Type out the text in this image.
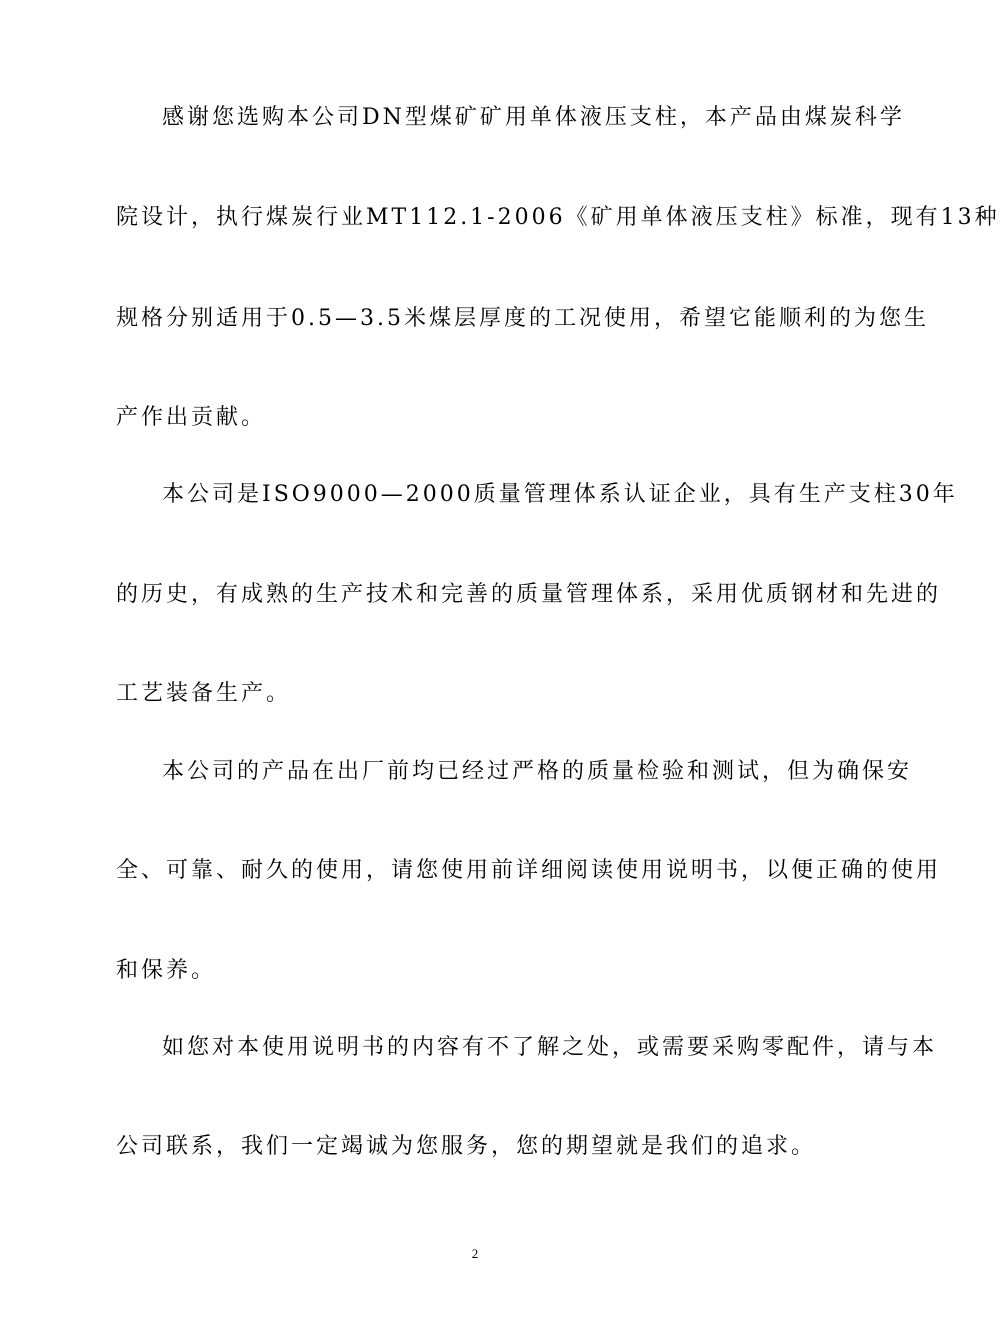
感谢您选购本公司DN型煤矿矿用单体液压支柱，本产品由煤炭科学
院设计，执行煤炭行业MT112.1-2006《矿用单体液压支柱》标准，现有13种
规格分别适用于0.5—3.5米煤层厚度的工况使用，希望它能顺利的为您生
产作出贡献。
本公司是ISO9000—2000质量管理体系认证企业，具有生产支柱30年
的历史，有成熟的生产技术和完善的质量管理体系，采用优质钢材和先进的
工艺装备生产。
本公司的产品在出厂前均已经过严格的质量检验和测试，但为确保安
全、可靠、耐久的使用，请您使用前详细阅读使用说明书，以便正确的使用
和保养。
如您对本使用说明书的内容有不了解之处，或需要采购零配件，请与本
公司联系，我们一定竭诚为您服务，您的期望就是我们的追求。
2
